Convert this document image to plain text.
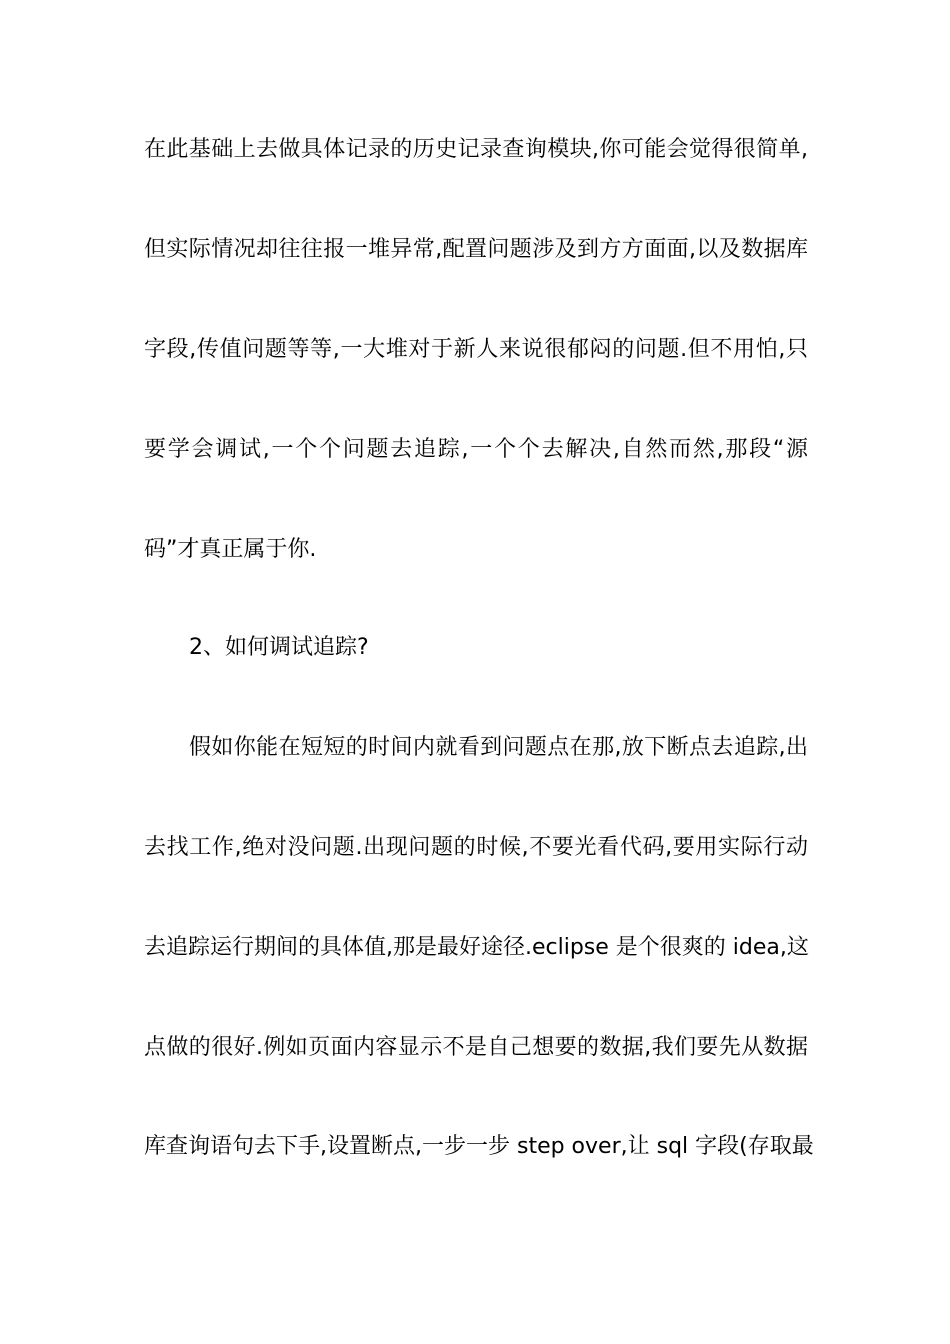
在此基础上去做具体记录的历史记录查询模块,你可能会觉得很简单,
但实际情况却往往报一堆异常,配置问题涉及到方方面面,以及数据库
字段,传值问题等等,一大堆对于新人来说很郁闷的问题.但不用怕,只
要学会调试,一个个问题去追踪,一个个去解决,自然而然,那段“源
码”才真正属于你.
2、如何调试追踪?
假如你能在短短的时间内就看到问题点在那,放下断点去追踪,出
去找工作,绝对没问题.出现问题的时候,不要光看代码,要用实际行动
去追踪运行期间的具体值,那是最好途径.eclipse 是个很爽的 idea,这
点做的很好.例如页面内容显示不是自己想要的数据,我们要先从数据
库查询语句去下手,设置断点,一步一步 step over,让 sql 字段(存取最
